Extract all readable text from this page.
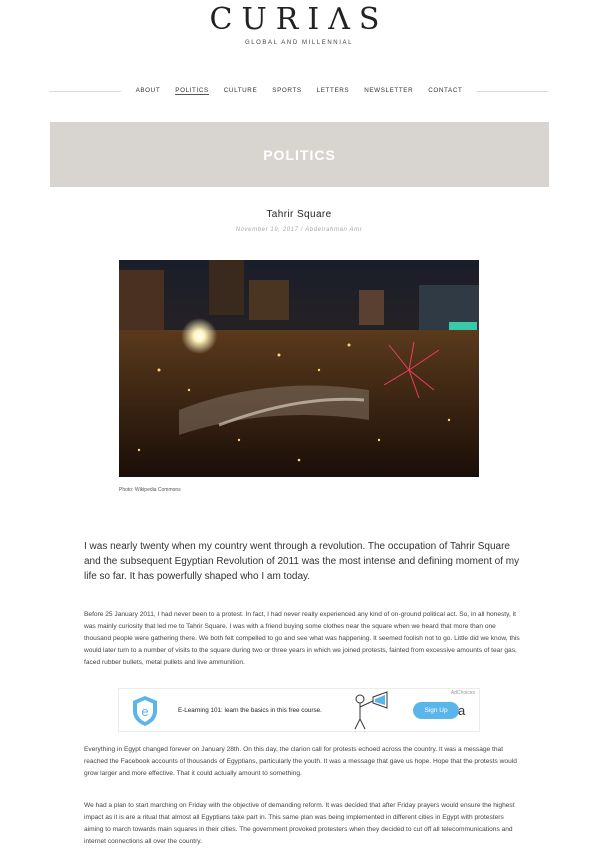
CURIΛS
GLOBAL AND MILLENNIAL
ABOUT POLITICS CULTURE SPORTS LETTERS NEWSLETTER CONTACT
POLITICS
Tahrir Square
November 19, 2017 / Abdelrahman Amr
Photo: Wikipedia Commons

I was nearly twenty when my country went through a revolution. The occupation of Tahrir Square and the subsequent Egyptian Revolution of 2011 was the most intense and defining moment of my life so far. It has powerfully shaped who I am today.

Before 25 January 2011, I had never been to a protest. In fact, I had never really experienced any kind of on-ground political act. So, in all honesty, it was mainly curiosity that led me to Tahrir Square. I was with a friend buying some clothes near the square when we heard that more than one thousand people were gathering there. We both felt compelled to go and see what was happening. It seemed foolish not to go. Little did we know, this would later turn to a number of visits to the square during two or three years in which we joined protests, fainted from excessive amounts of tear gas, faced rubber bullets, metal pullets and live ammunition.

AdChoices
e	E-Learning 101: learn the basics in this free course.	Sign Up a

Everything in Egypt changed forever on January 28th. On this day, the clarion call for protests echoed across the country. It was a message that reached the Facebook accounts of thousands of Egyptians, particularly the youth. It was a message that gave us hope. Hope that the protests would grow larger and more effective. That it could actually amount to something.

We had a plan to start marching on Friday with the objective of demanding reform. It was decided that after Friday prayers would ensure the highest impact as it is are a ritual that almost all Egyptians take part in. This same plan was being implemented in different cities in Egypt with protesters aiming to march towards main squares in their cities. The government provoked protesters when they decided to cut off all telecommunications and internet connections all over the country.
